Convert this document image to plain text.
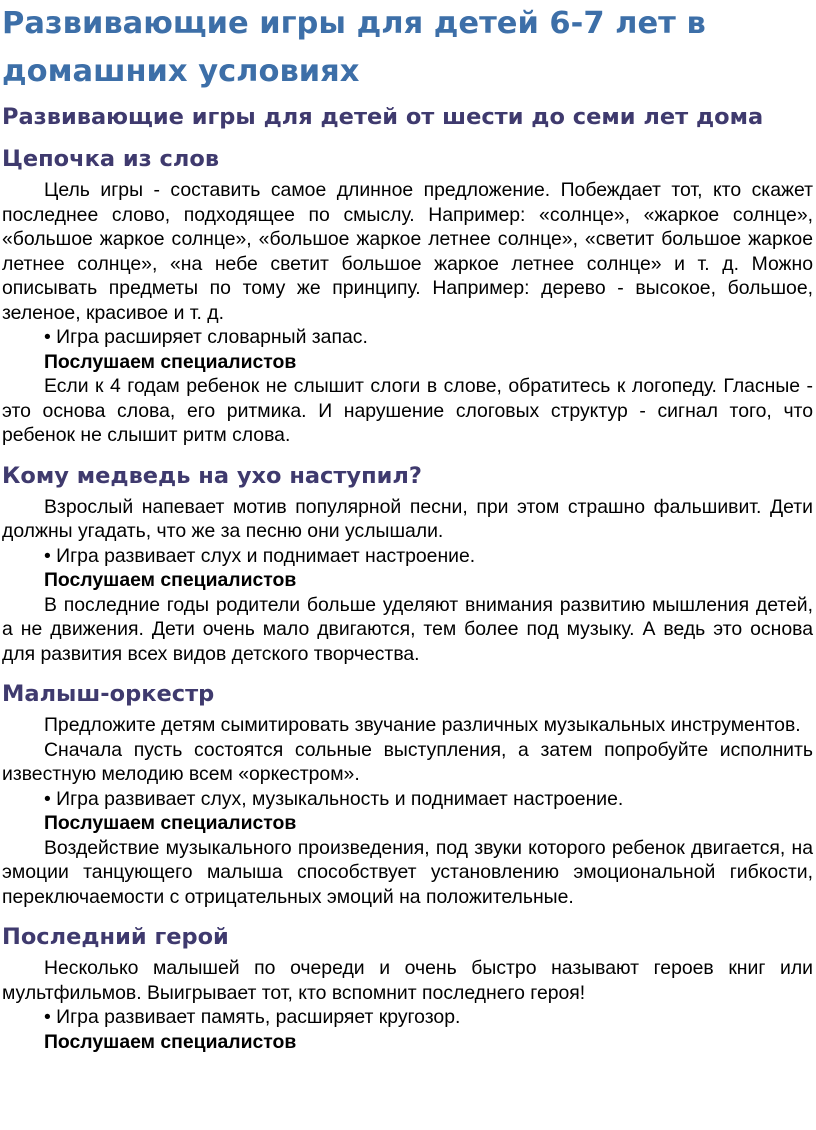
Развивающие игры для детей 6-7 лет в домашних условиях
Развивающие игры для детей от шести до семи лет дома
Цепочка из слов

Цель игры - составить самое длинное предложение. Побеждает тот, кто скажет последнее слово, подходящее по смыслу. Например: «солнце», «жаркое солнце», «большое жаркое солнце», «большое жаркое летнее солнце», «светит большое жаркое летнее солнце», «на небе светит большое жаркое летнее солнце» и т. д. Можно описывать предметы по тому же принципу. Например: дерево - высокое, большое, зеленое, красивое и т. д.

• Игра расширяет словарный запас.

Послушаем специалистов

Если к 4 годам ребенок не слышит слоги в слове, обратитесь к логопеду. Гласные - это основа слова, его ритмика. И нарушение слоговых структур - сигнал того, что ребенок не слышит ритм слова.

Кому медведь на ухо наступил?

Взрослый напевает мотив популярной песни, при этом страшно фальшивит. Дети должны угадать, что же за песню они услышали.

• Игра развивает слух и поднимает настроение.

Послушаем специалистов

В последние годы родители больше уделяют внимания развитию мышления детей, а не движения. Дети очень мало двигаются, тем более под музыку. А ведь это основа для развития всех видов детского творчества.

Малыш-оркестр

Предложите детям сымитировать звучание различных музыкальных инструментов.

Сначала пусть состоятся сольные выступления, а затем попробуйте исполнить известную мелодию всем «оркестром».

• Игра развивает слух, музыкальность и поднимает настроение.

Послушаем специалистов

Воздействие музыкального произведения, под звуки которого ребенок двигается, на эмоции танцующего малыша способствует установлению эмоциональной гибкости, переключаемости с отрицательных эмоций на положительные.

Последний герой

Несколько малышей по очереди и очень быстро называют героев книг или мультфильмов. Выигрывает тот, кто вспомнит последнего героя!

• Игра развивает память, расширяет кругозор.

Послушаем специалистов
